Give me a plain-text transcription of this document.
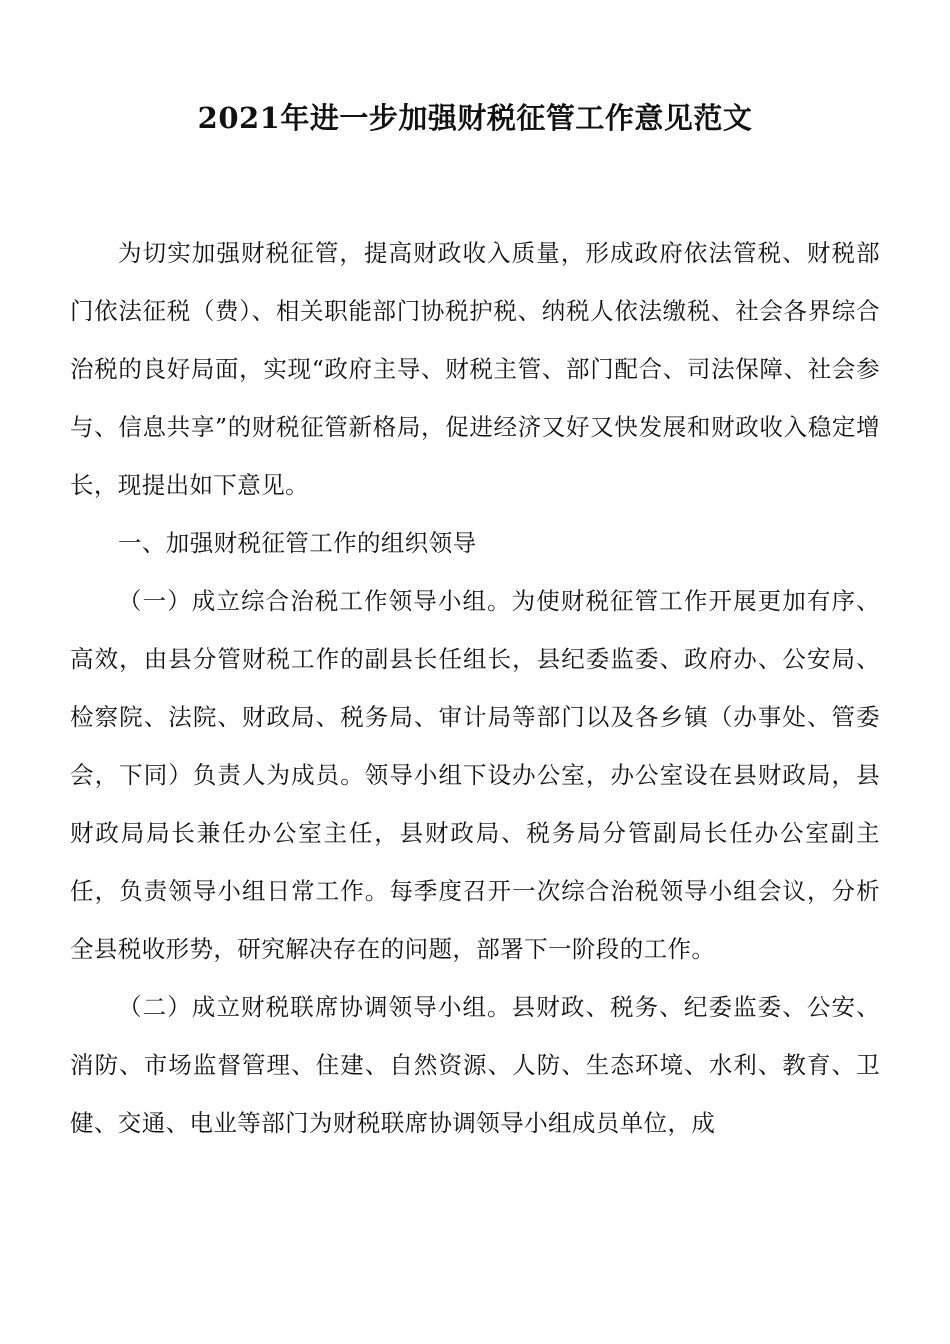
2021年进一步加强财税征管工作意见范文

为切实加强财税征管，提高财政收入质量，形成政府依法管税、财税部门依法征税（费）、相关职能部门协税护税、纳税人依法缴税、社会各界综合治税的良好局面，实现“政府主导、财税主管、部门配合、司法保障、社会参与、信息共享”的财税征管新格局，促进经济又好又快发展和财政收入稳定增长，现提出如下意见。

一、加强财税征管工作的组织领导

（一）成立综合治税工作领导小组。为使财税征管工作开展更加有序、高效，由县分管财税工作的副县长任组长，县纪委监委、政府办、公安局、检察院、法院、财政局、税务局、审计局等部门以及各乡镇（办事处、管委会，下同）负责人为成员。领导小组下设办公室，办公室设在县财政局，县财政局局长兼任办公室主任，县财政局、税务局分管副局长任办公室副主任，负责领导小组日常工作。每季度召开一次综合治税领导小组会议，分析全县税收形势，研究解决存在的问题，部署下一阶段的工作。

（二）成立财税联席协调领导小组。县财政、税务、纪委监委、公安、消防、市场监督管理、住建、自然资源、人防、生态环境、水利、教育、卫健、交通、电业等部门为财税联席协调领导小组成员单位，成
